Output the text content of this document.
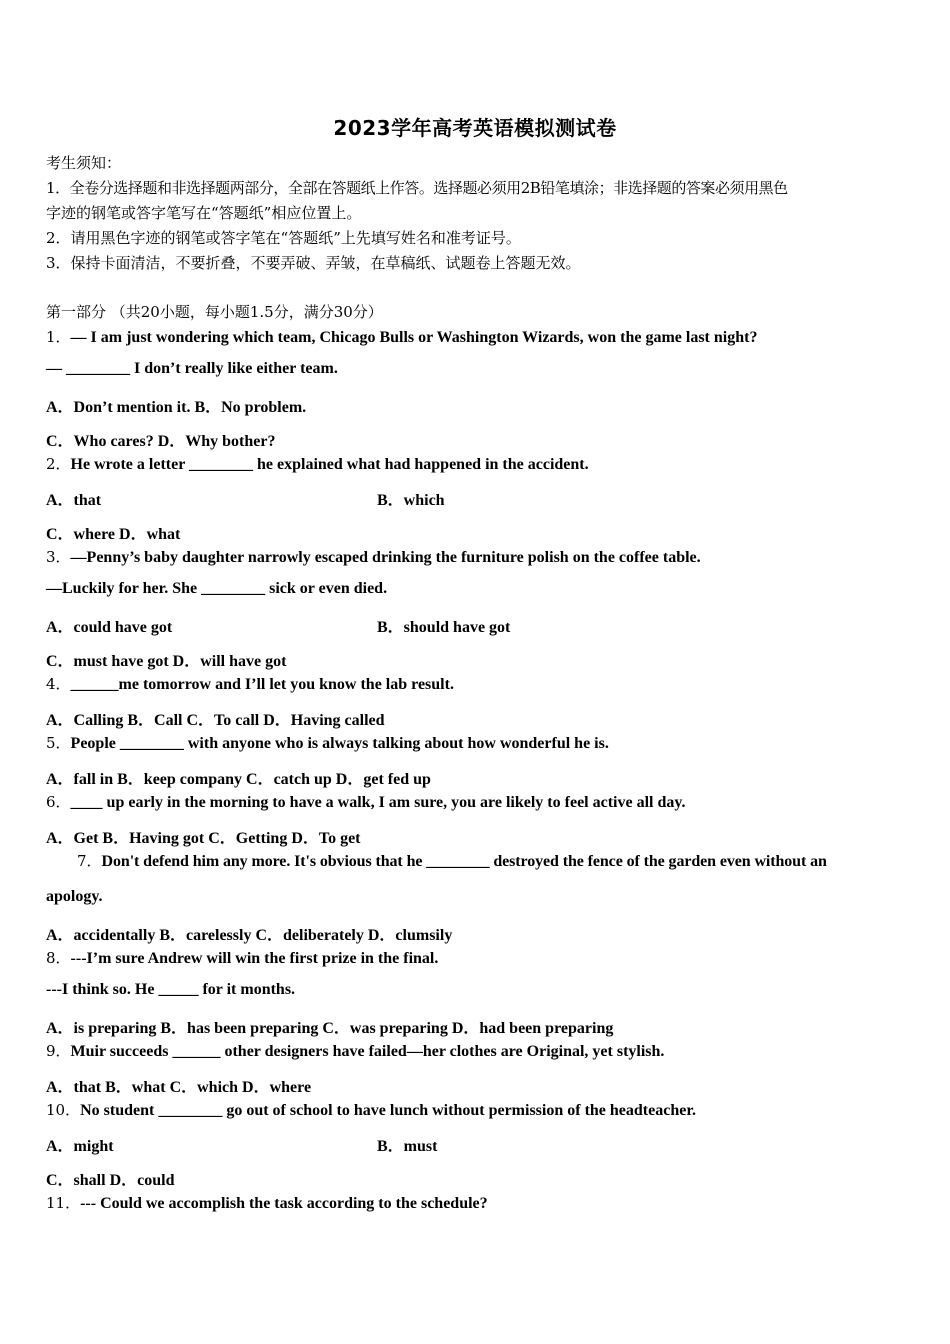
2023学年高考英语模拟测试卷
考生须知：
1．全卷分选择题和非选择题两部分，全部在答题纸上作答。选择题必须用2B铅笔填涂；非选择题的答案必须用黑色
字迹的钢笔或答字笔写在“答题纸”相应位置上。
2．请用黑色字迹的钢笔或答字笔在“答题纸”上先填写姓名和准考证号。
3．保持卡面清洁，不要折叠，不要弄破、弄皱，在草稿纸、试题卷上答题无效。
第一部分 （共20小题，每小题1.5分，满分30分）
1．— I am just wondering which team, Chicago Bulls or Washington Wizards, won the game last night?
— ________ I don’t really like either team.
A．Don’t mention it. B．No problem.
C．Who cares? D．Why bother?
2．He wrote a letter ________ he explained what had happened in the accident.
A．that	B．which
C．where D．what
3．—Penny’s baby daughter narrowly escaped drinking the furniture polish on the coffee table.
—Luckily for her. She ________ sick or even died.
A．could have got	B．should have got
C．must have got D．will have got
4．______me tomorrow and I’ll let you know the lab result.
A．Calling B．Call C．To call D．Having called
5．People ________ with anyone who is always talking about how wonderful he is.
A．fall in B．keep company C．catch up D．get fed up
6．____ up early in the morning to have a walk, I am sure, you are likely to feel active all day.
A．Get B．Having got C．Getting D．To get
7．Don't defend him any more. It's obvious that he ________ destroyed the fence of the garden even without an
apology.
A．accidentally B．carelessly C．deliberately D．clumsily
8．---I’m sure Andrew will win the first prize in the final.
---I think so. He _____ for it months.
A．is preparing B．has been preparing C．was preparing D．had been preparing
9．Muir succeeds ______ other designers have failed—her clothes are Original, yet stylish.
A．that B．what C．which D．where
10．No student ________ go out of school to have lunch without permission of the headteacher.
A．might	B．must
C．shall D．could
11．--- Could we accomplish the task according to the schedule?
